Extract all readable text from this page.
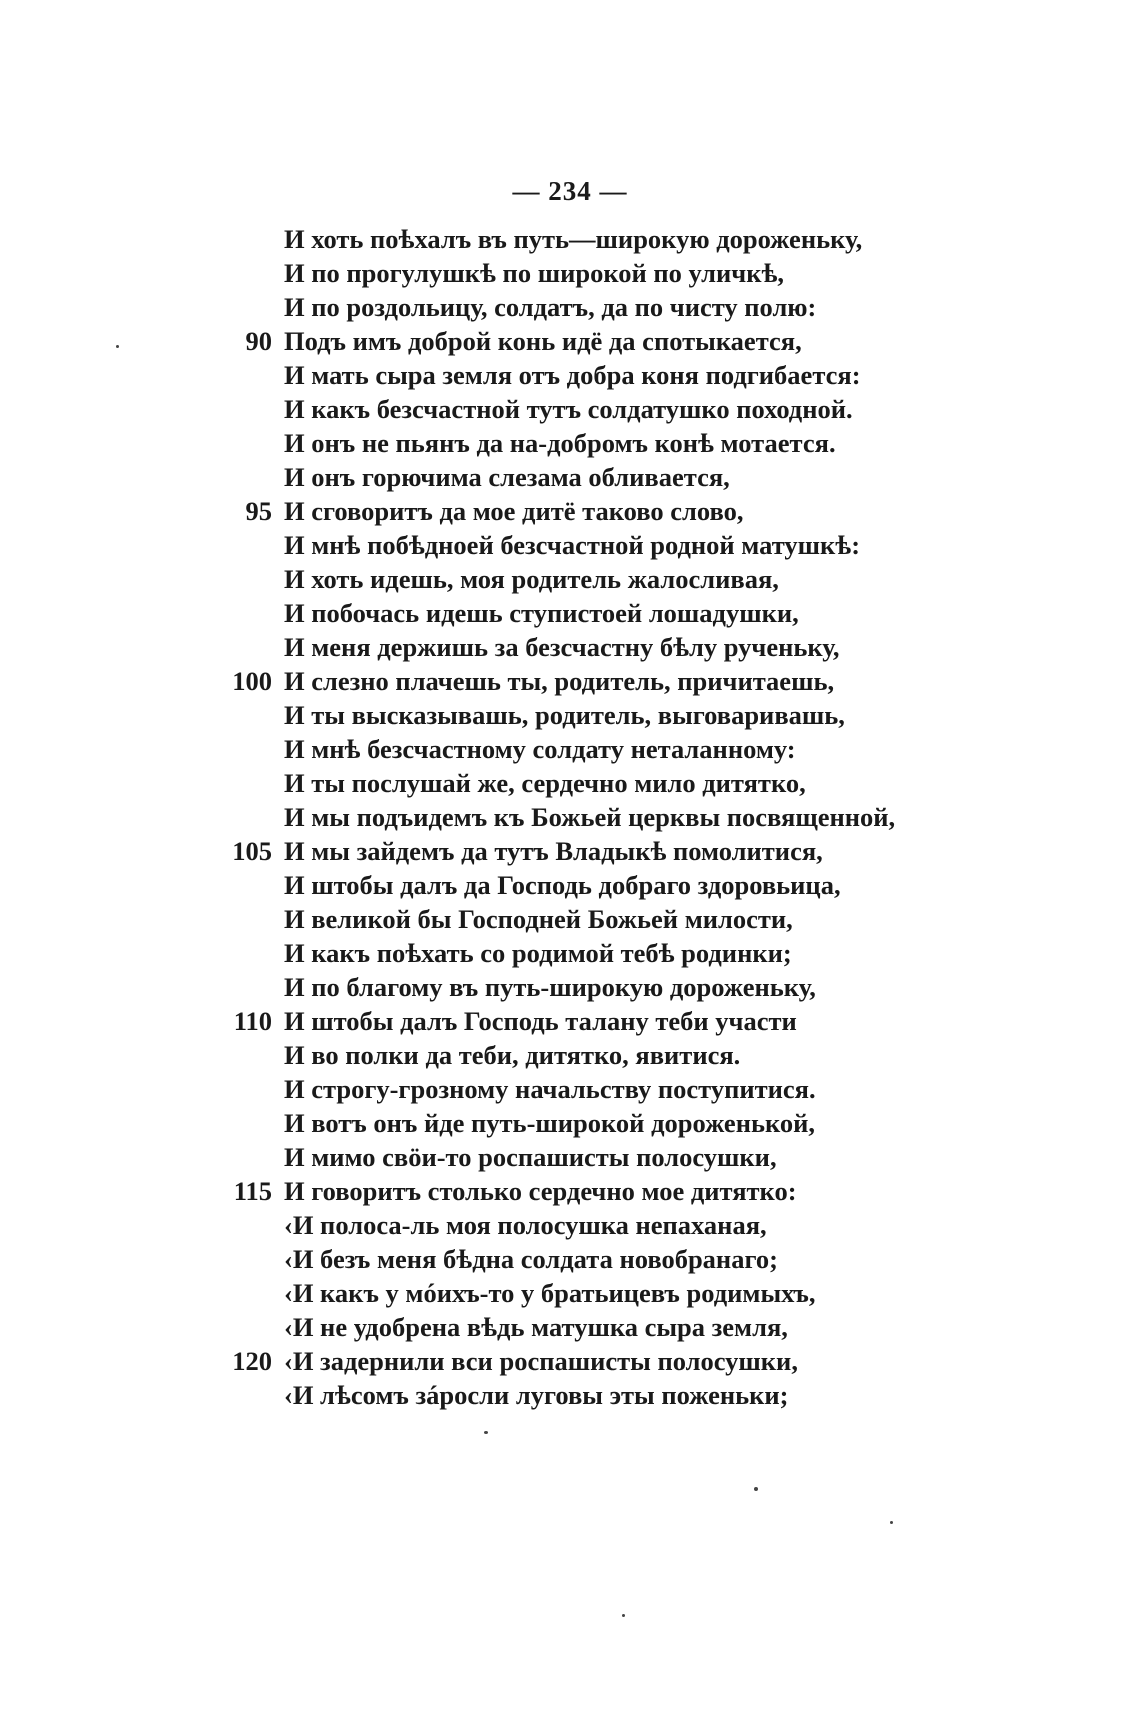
— 234 —
И хоть поѣхалъ въ путь—широкую дороженьку,
И по прогулушкѣ по широкой по уличкѣ,
И по роздольицу, солдатъ, да по чисту полю:
90 Подъ имъ доброй конь идё да спотыкается,
И мать сыра земля отъ добра коня подгибается:
И какъ безсчастной тутъ солдатушко походной.
И онъ не пьянъ да на-добромъ конѣ мотается.
И онъ горючима слезама обливается,
95 И сговоритъ да мое дитё таково слово,
И мнѣ побѣдноей безсчастной родной матушкѣ:
И хоть идешь, моя родитель жалосливая,
И побочась идешь ступистоей лошадушки,
И меня держишь за безсчастну бѣлу рученьку,
100 И слезно плачешь ты, родитель, причитаешь,
И ты высказывашь, родитель, выговаривашь,
И мнѣ безсчастному солдату неталанному:
И ты послушай же, сердечно мило дитятко,
И мы подъидемъ къ Божьей церквы посвященной,
105 И мы зайдемъ да тутъ Владыкѣ помолитися,
И штобы далъ да Господь добраго здоровьица,
И великой бы Господней Божьей милости,
И какъ поѣхать со родимой тебѣ родинки;
И по благому въ путь-широкую дороженьку,
110 И штобы далъ Господь талану теби участи
И во полки да теби, дитятко, явитися.
И строгу-грозному начальству поступитися.
И вотъ онъ йде путь-широкой дороженькой,
И мимо свöи-то роспашисты полосушки,
115 И говоритъ столько сердечно мое дитятко:
‹И полоса-ль моя полосушка непаханая,
‹И безъ меня бѣдна солдата новобранаго;
‹И какъ у мóихъ-то у братьицевъ родимыхъ,
‹И не удобрена вѣдь матушка сыра земля,
120 ‹И задернили вси роспашисты полосушки,
‹И лѣсомъ зáросли луговы эты поженьки;
